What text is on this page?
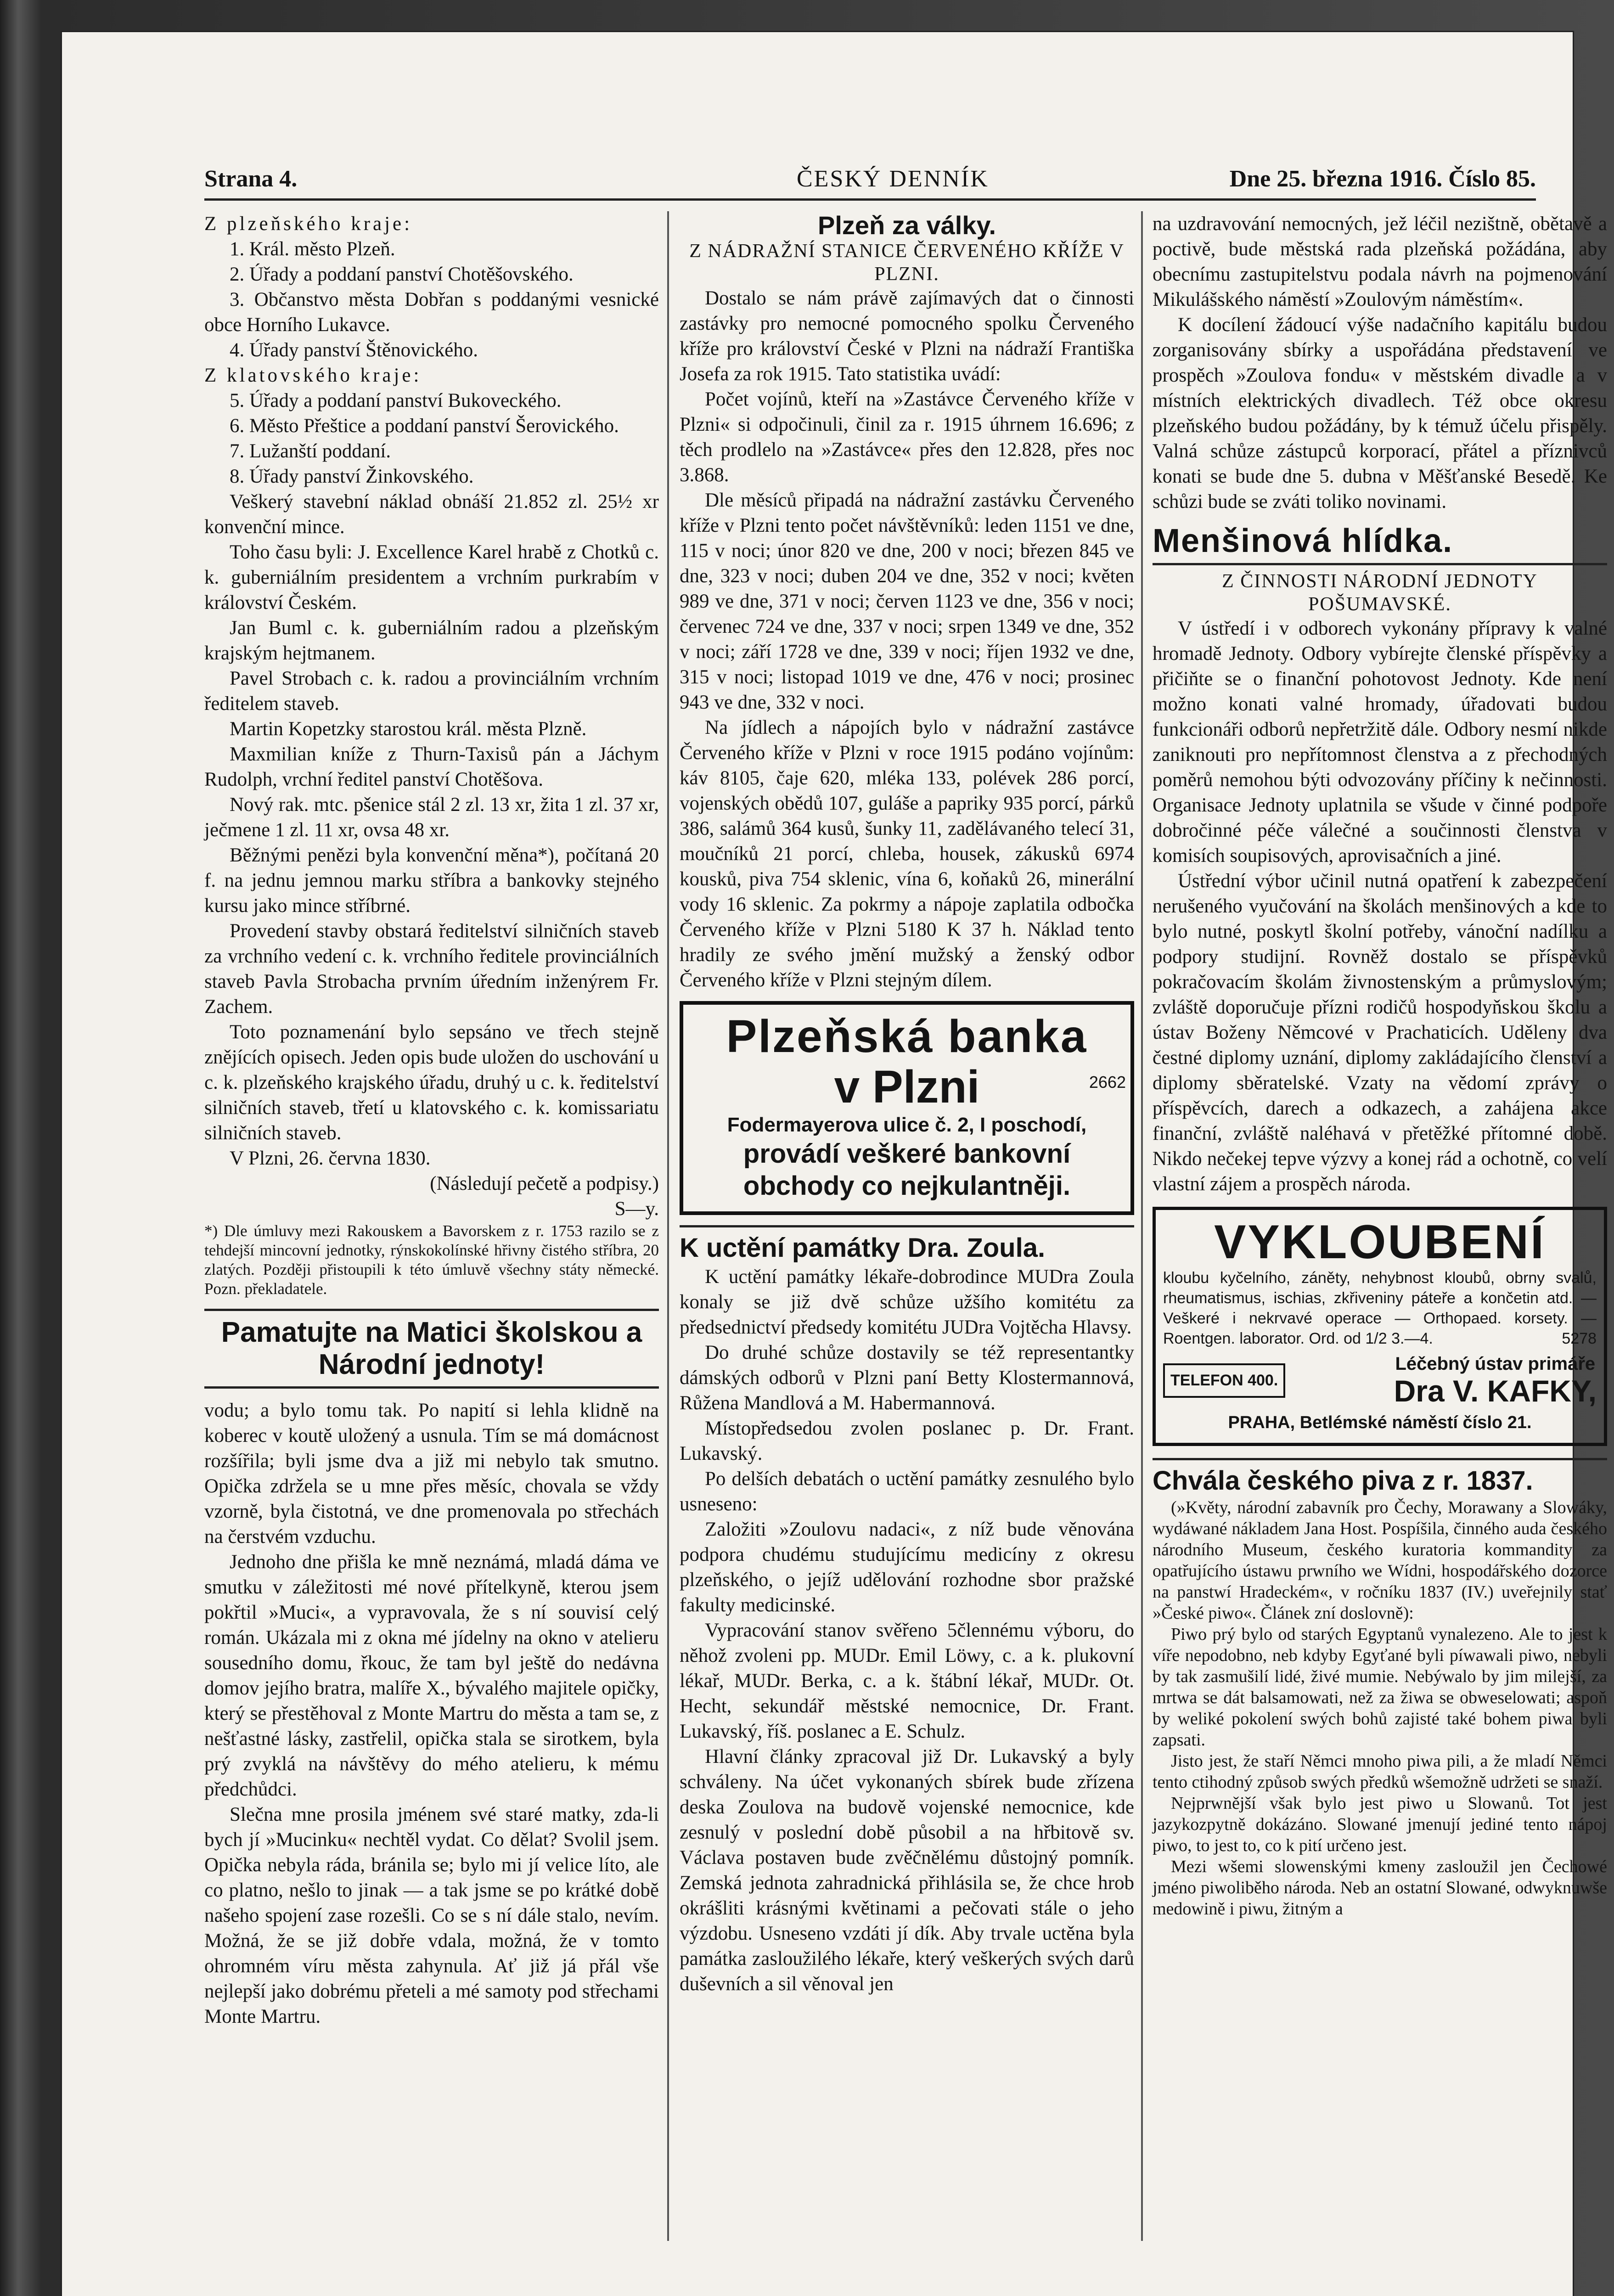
Strana 4.	ČESKÝ DENNÍK	Dne 25. března 1916. Číslo 85.

Z plzeňského kraje:

1. Král. město Plzeň.

2. Úřady a poddaní panství Chotěšovského.

3. Občanstvo města Dobřan s poddanými vesnické obce Horního Lukavce.

4. Úřady panství Štěnovického.

Z klatovského kraje:

5. Úřady a poddaní panství Bukoveckého.

6. Město Přeštice a poddaní panství Šerovického.

7. Lužanští poddaní.

8. Úřady panství Žinkovského.

Veškerý stavební náklad obnáší 21.852 zl. 25½ xr konvenční mince.

Toho času byli: J. Excellence Karel hrabě z Chotků c. k. guberniálním presidentem a vrchním purkrabím v království Českém.

Jan Buml c. k. guberniálním radou a plzeňským krajským hejtmanem.

Pavel Strobach c. k. radou a provinciálním vrchním ředitelem staveb.

Martin Kopetzky starostou král. města Plzně.

Maxmilian kníže z Thurn-Taxisů pán a Jáchym Rudolph, vrchní ředitel panství Chotěšova.

Nový rak. mtc. pšenice stál 2 zl. 13 xr, žita 1 zl. 37 xr, ječmene 1 zl. 11 xr, ovsa 48 xr.

Běžnými penězi byla konvenční měna*), počítaná 20 f. na jednu jemnou marku stříbra a bankovky stejného kursu jako mince stříbrné.

Provedení stavby obstará ředitelství silničních staveb za vrchního vedení c. k. vrchního ředitele provinciálních staveb Pavla Strobacha prvním úředním inženýrem Fr. Zachem.

Toto poznamenání bylo sepsáno ve třech stejně znějících opisech. Jeden opis bude uložen do uschování u c. k. plzeňského krajského úřadu, druhý u c. k. ředitelství silničních staveb, třetí u klatovského c. k. komissariatu silničních staveb.

V Plzni, 26. června 1830.

(Následují pečetě a podpisy.)

S—y.

*) Dle úmluvy mezi Rakouskem a Bavorskem z r. 1753 razilo se z tehdejší mincovní jednotky, rýnskokolínské hřivny čistého stříbra, 20 zlatých. Později přistoupili k této úmluvě všechny státy německé. Pozn. překladatele.

Pamatujte na Matici školskou a Národní jednoty!

vodu; a bylo tomu tak. Po napití si lehla klidně na koberec v koutě uložený a usnula. Tím se má domácnost rozšířila; byli jsme dva a již mi nebylo tak smutno. Opička zdržela se u mne přes měsíc, chovala se vždy vzorně, byla čistotná, ve dne promenovala po střechách na čerstvém vzduchu.

Jednoho dne přišla ke mně neznámá, mladá dáma ve smutku v záležitosti mé nové přítelkyně, kterou jsem pokřtil »Muci«, a vypravovala, že s ní souvisí celý román. Ukázala mi z okna mé jídelny na okno v atelieru sousedního domu, řkouc, že tam byl ještě do nedávna domov jejího bratra, malíře X., bývalého majitele opičky, který se přestěhoval z Monte Martru do města a tam se, z nešťastné lásky, zastřelil, opička stala se sirotkem, byla prý zvyklá na návštěvy do mého atelieru, k mému předchůdci.

Slečna mne prosila jménem své staré matky, zda-li bych jí »Mucinku« nechtěl vydat. Co dělat? Svolil jsem. Opička nebyla ráda, bránila se; bylo mi jí velice líto, ale co platno, nešlo to jinak — a tak jsme se po krátké době našeho spojení zase rozešli. Co se s ní dále stalo, nevím. Možná, že se již dobře vdala, možná, že v tomto ohromném víru města zahynula. Ať již já přál vše nejlepší jako dobrému přeteli a mé samoty pod střechami Monte Martru.

Plzeň za války.
Z NÁDRAŽNÍ STANICE ČERVENÉHO KŘÍŽE V PLZNI.

Dostalo se nám právě zajímavých dat o činnosti zastávky pro nemocné pomocného spolku Červeného kříže pro království České v Plzni na nádraží Františka Josefa za rok 1915. Tato statistika uvádí:

Počet vojínů, kteří na »Zastávce Červeného kříže v Plzni« si odpočinuli, činil za r. 1915 úhrnem 16.696; z těch prodlelo na »Zastávce« přes den 12.828, přes noc 3.868.

Dle měsíců připadá na nádražní zastávku Červeného kříže v Plzni tento počet návštěvníků: leden 1151 ve dne, 115 v noci; únor 820 ve dne, 200 v noci; březen 845 ve dne, 323 v noci; duben 204 ve dne, 352 v noci; květen 989 ve dne, 371 v noci; červen 1123 ve dne, 356 v noci; červenec 724 ve dne, 337 v noci; srpen 1349 ve dne, 352 v noci; září 1728 ve dne, 339 v noci; říjen 1932 ve dne, 315 v noci; listopad 1019 ve dne, 476 v noci; prosinec 943 ve dne, 332 v noci.

Na jídlech a nápojích bylo v nádražní zastávce Červeného kříže v Plzni v roce 1915 podáno vojínům: káv 8105, čaje 620, mléka 133, polévek 286 porcí, vojenských obědů 107, guláše a papriky 935 porcí, párků 386, salámů 364 kusů, šunky 11, zadělávaného telecí 31, moučníků 21 porcí, chleba, housek, zákusků 6974 kousků, piva 754 sklenic, vína 6, koňaků 26, minerální vody 16 sklenic. Za pokrmy a nápoje zaplatila odbočka Červeného kříže v Plzni 5180 K 37 h. Náklad tento hradily ze svého jmění mužský a ženský odbor Červeného kříže v Plzni stejným dílem.

Plzeňská banka
v Plzni	2662
Fodermayerova ulice č. 2, I poschodí,
provádí veškeré bankovní
obchody co nejkulantněji.
K uctění památky Dra. Zoula.

K uctění památky lékaře-dobrodince MUDra Zoula konaly se již dvě schůze užšího komitétu za předsednictví předsedy komitétu JUDra Vojtěcha Hlavsy.

Do druhé schůze dostavily se též representantky dámských odborů v Plzni paní Betty Klostermannová, Růžena Mandlová a M. Habermannová.

Místopředsedou zvolen poslanec p. Dr. Frant. Lukavský.

Po delších debatách o uctění památky zesnulého bylo usneseno:

Založiti »Zoulovu nadaci«, z níž bude věnována podpora chudému studujícímu medicíny z okresu plzeňského, o jejíž udělování rozhodne sbor pražské fakulty medicinské.

Vypracování stanov svěřeno 5člennému výboru, do něhož zvoleni pp. MUDr. Emil Löwy, c. a k. plukovní lékař, MUDr. Berka, c. a k. štábní lékař, MUDr. Ot. Hecht, sekundář městské nemocnice, Dr. Frant. Lukavský, říš. poslanec a E. Schulz.

Hlavní články zpracoval již Dr. Lukavský a byly schváleny. Na účet vykonaných sbírek bude zřízena deska Zoulova na budově vojenské nemocnice, kde zesnulý v poslední době působil a na hřbitově sv. Václava postaven bude zvěčnělému důstojný pomník. Zemská jednota zahradnická přihlásila se, že chce hrob okrášliti krásnými květinami a pečovati stále o jeho výzdobu. Usneseno vzdáti jí dík. Aby trvale uctěna byla památka zasloužilého lékaře, který veškerých svých darů duševních a sil věnoval jen

na uzdravování nemocných, jež léčil nezištně, obětavě a poctivě, bude městská rada plzeňská požádána, aby obecnímu zastupitelstvu podala návrh na pojmenování Mikulášského náměstí »Zoulovým náměstím«.

K docílení žádoucí výše nadačního kapitálu budou zorganisovány sbírky a uspořádána představení ve prospěch »Zoulova fondu« v městském divadle a v místních elektrických divadlech. Též obce okresu plzeňského budou požádány, by k témuž účelu přispěly. Valná schůze zástupců korporací, přátel a příznivců konati se bude dne 5. dubna v Měšťanské Besedě. Ke schůzi bude se zváti toliko novinami.

Menšinová hlídka.
Z ČINNOSTI NÁRODNÍ JEDNOTY POŠUMAVSKÉ.

V ústředí i v odborech vykonány přípravy k valné hromadě Jednoty. Odbory vybírejte členské příspěvky a přičiňte se o finanční pohotovost Jednoty. Kde není možno konati valné hromady, úřadovati budou funkcionáři odborů nepřetržitě dále. Odbory nesmí nikde zaniknouti pro nepřítomnost členstva a z přechodných poměrů nemohou býti odvozovány příčiny k nečinnosti. Organisace Jednoty uplatnila se všude v činné podpoře dobročinné péče válečné a součinnosti členstva v komisích soupisových, aprovisačních a jiné.

Ústřední výbor učinil nutná opatření k zabezpečení nerušeného vyučování na školách menšinových a kde to bylo nutné, poskytl školní potřeby, vánoční nadílku a podpory studijní. Rovněž dostalo se příspěvků pokračovacím školám živnostenským a průmyslovým; zvláště doporučuje přízni rodičů hospodyňskou školu a ústav Boženy Němcové v Prachaticích. Uděleny dva čestné diplomy uznání, diplomy zakládajícího členství a diplomy sběratelské. Vzaty na vědomí zprávy o příspěvcích, darech a odkazech, a zahájena akce finanční, zvláště naléhavá v přetěžké přítomné době. Nikdo nečekej tepve výzvy a konej rád a ochotně, co velí vlastní zájem a prospěch národa.

VYKLOUBENÍ
kloubu kyčelního, záněty, nehybnost kloubů, obrny svalů, rheumatismus, ischias, zkřiveniny páteře a končetin atd. — Veškeré i nekrvavé operace — Orthopaed. korsety. — Roentgen. laborator. Ord. od 1/2 3.—4.	5278
TELEFON 400.
Léčebný ústav primáře
Dra V. KAFKY,
PRAHA, Betlémské náměstí číslo 21.
Chvála českého piva z r. 1837.

(»Květy, národní zabavník pro Čechy, Morawany a Slowáky, wydáwané nákladem Jana Host. Pospíšila, činného auda českého národního Museum, českého kuratoria kommandity za opatřujícího ústawu prwního we Wídni, hospodářského dozorce na panstwí Hradeckém«, v ročníku 1837 (IV.) uveřejnily stať »České piwo«. Článek zní doslovně):

Piwo prý bylo od starých Egyptanů vynalezeno. Ale to jest k víře nepodobno, neb kdyby Egyťané byli píwawali piwo, nebyli by tak zasmušilí lidé, živé mumie. Nebýwalo by jim milejší, za mrtwa se dát balsamowati, než za žiwa se obweselowati; aspoň by weliké pokolení swých bohů zajisté také bohem piwa byli zapsati.

Jisto jest, že staří Němci mnoho piwa pili, a že mladí Němci tento ctihodný způsob swých předků wšemožně udržeti se snaží.

Nejprwnější však bylo jest piwo u Slowanů. Tot jest jazykozpytně dokázáno. Slowané jmenují jediné tento nápoj piwo, to jest to, co k pití určeno jest.

Mezi wšemi slowenskými kmeny zasloužil jen Čechowé jméno piwoliběho národa. Neb an ostatní Slowané, odwyknuwše medowině i piwu, žitným a
